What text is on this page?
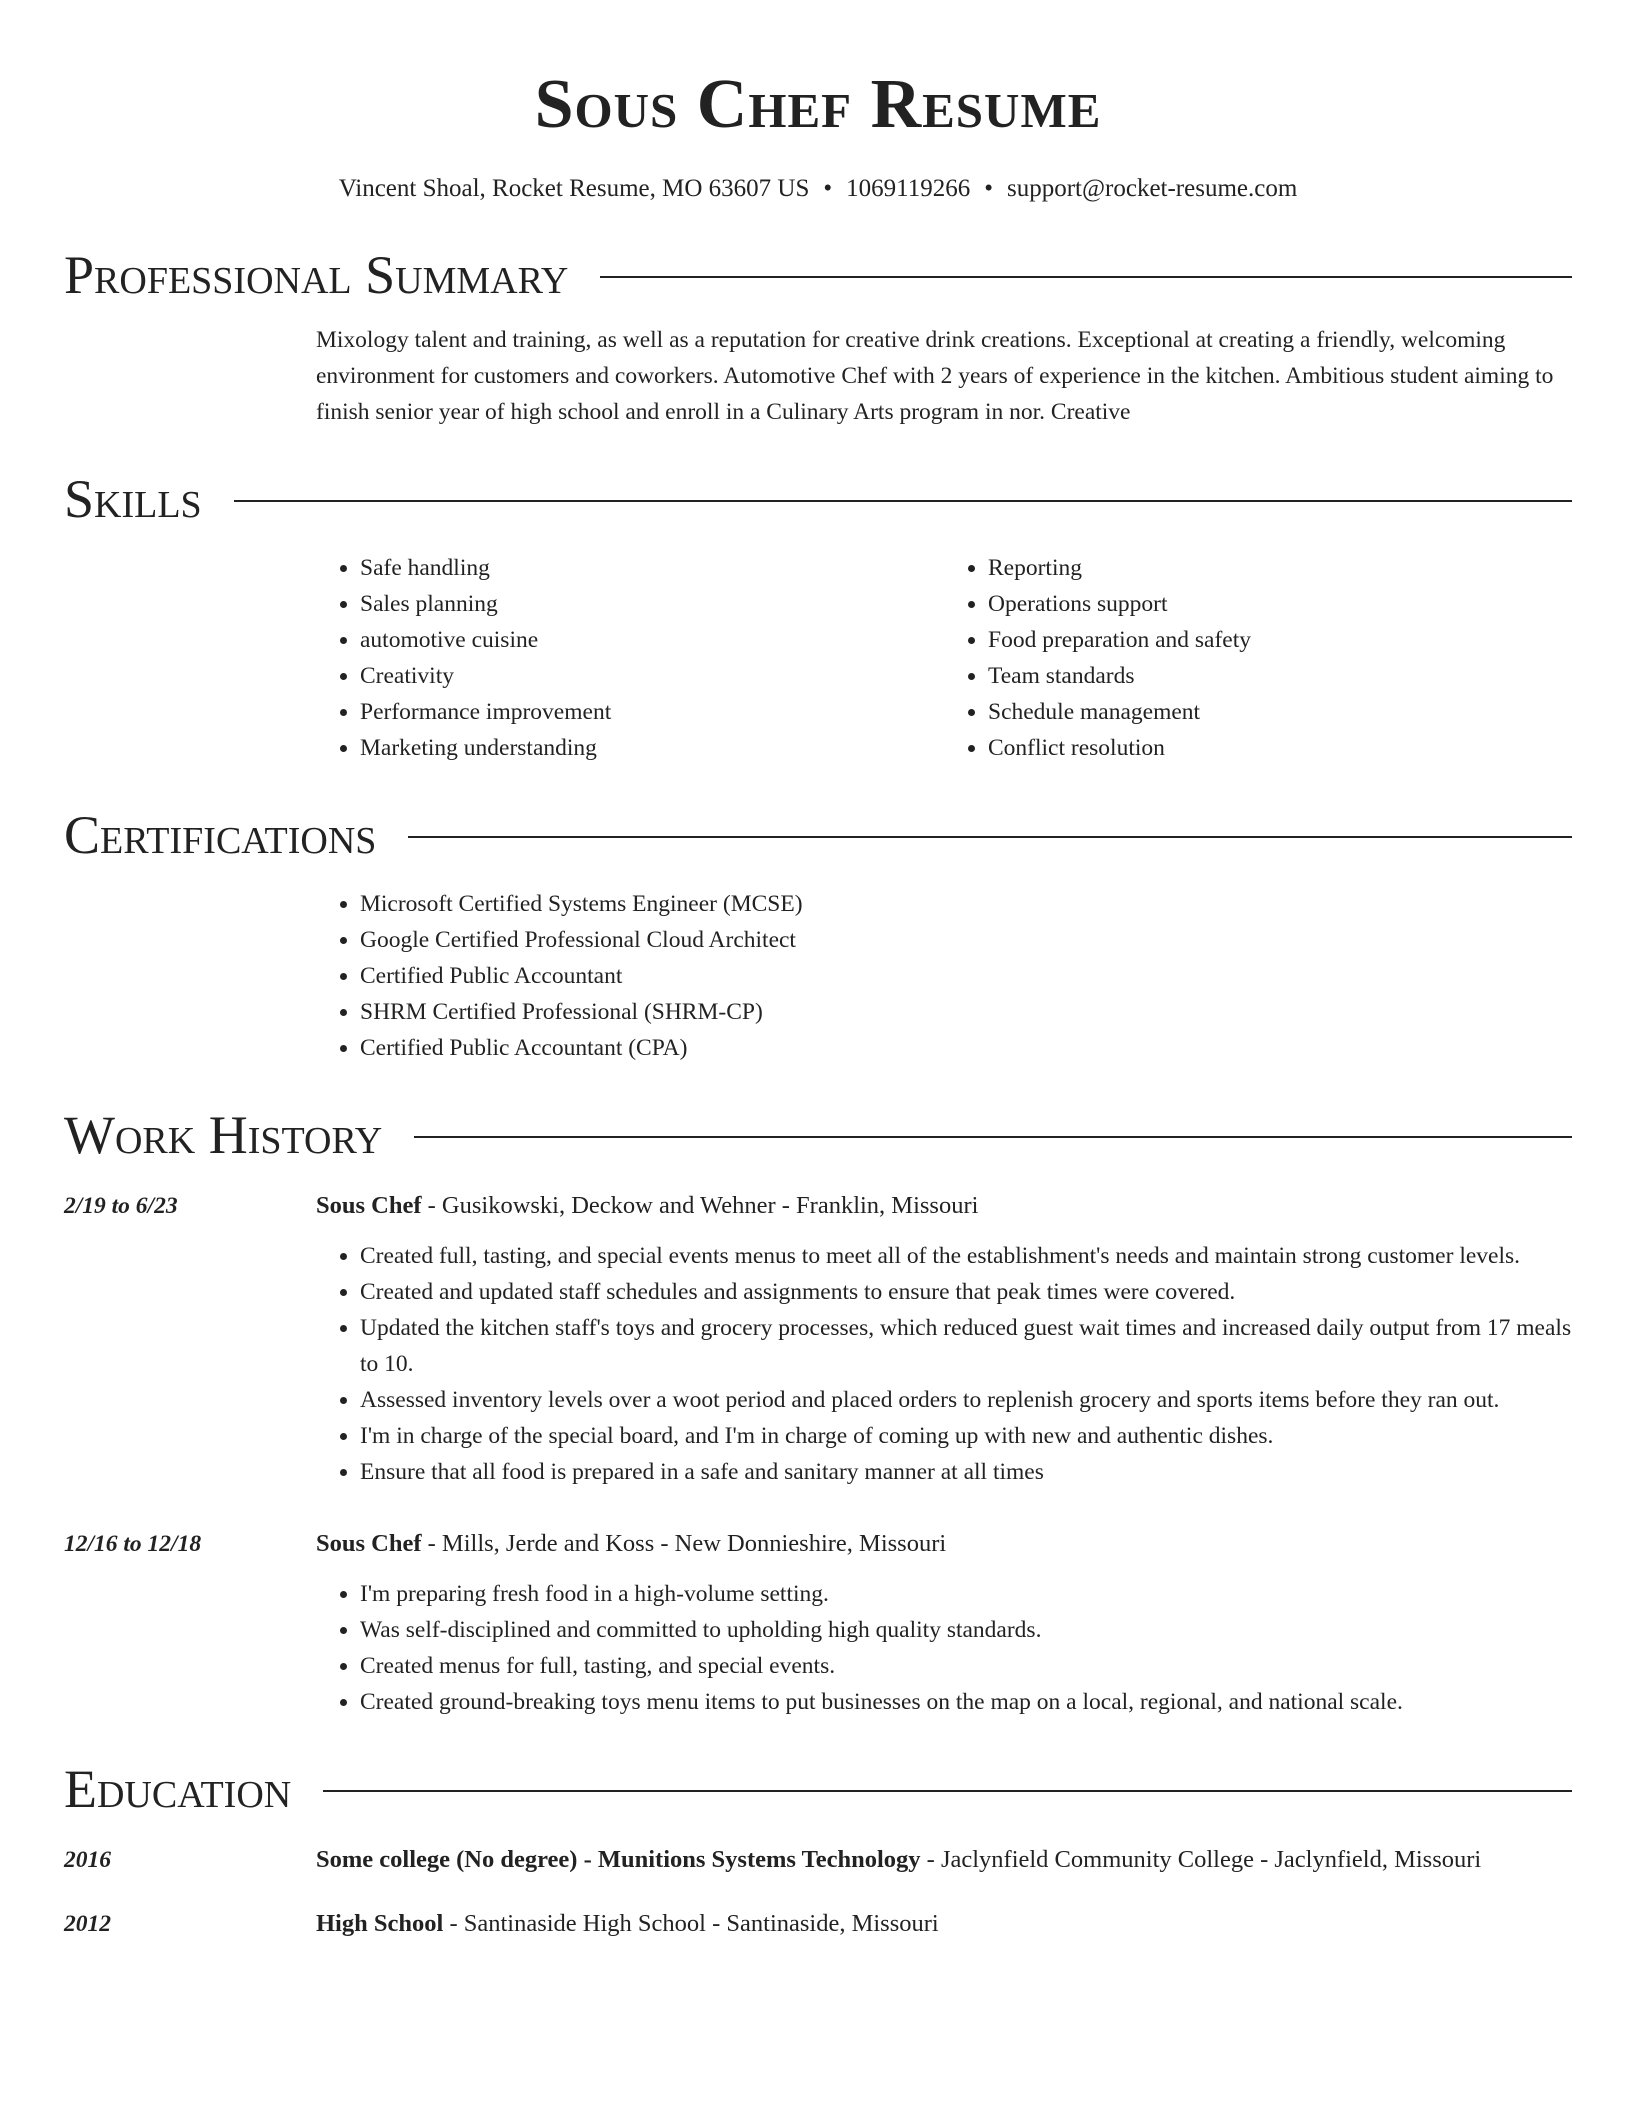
Sous Chef Resume
Vincent Shoal, Rocket Resume, MO 63607 US • 1069119266 • support@rocket-resume.com
Professional Summary
Mixology talent and training, as well as a reputation for creative drink creations. Exceptional at creating a friendly, welcoming environment for customers and coworkers. Automotive Chef with 2 years of experience in the kitchen. Ambitious student aiming to finish senior year of high school and enroll in a Culinary Arts program in nor. Creative
Skills
• Safe handling
• Sales planning
• automotive cuisine
• Creativity
• Performance improvement
• Marketing understanding
• Reporting
• Operations support
• Food preparation and safety
• Team standards
• Schedule management
• Conflict resolution
Certifications
• Microsoft Certified Systems Engineer (MCSE)
• Google Certified Professional Cloud Architect
• Certified Public Accountant
• SHRM Certified Professional (SHRM-CP)
• Certified Public Accountant (CPA)
Work History
2/19 to 6/23	Sous Chef - Gusikowski, Deckow and Wehner - Franklin, Missouri
• Created full, tasting, and special events menus to meet all of the establishment's needs and maintain strong customer levels.
• Created and updated staff schedules and assignments to ensure that peak times were covered.
• Updated the kitchen staff's toys and grocery processes, which reduced guest wait times and increased daily output from 17 meals to 10.
• Assessed inventory levels over a woot period and placed orders to replenish grocery and sports items before they ran out.
• I'm in charge of the special board, and I'm in charge of coming up with new and authentic dishes.
• Ensure that all food is prepared in a safe and sanitary manner at all times
12/16 to 12/18	Sous Chef - Mills, Jerde and Koss - New Donnieshire, Missouri
• I'm preparing fresh food in a high-volume setting.
• Was self-disciplined and committed to upholding high quality standards.
• Created menus for full, tasting, and special events.
• Created ground-breaking toys menu items to put businesses on the map on a local, regional, and national scale.
Education
2016	Some college (No degree) - Munitions Systems Technology - Jaclynfield Community College - Jaclynfield, Missouri
2012	High School - Santinaside High School - Santinaside, Missouri
